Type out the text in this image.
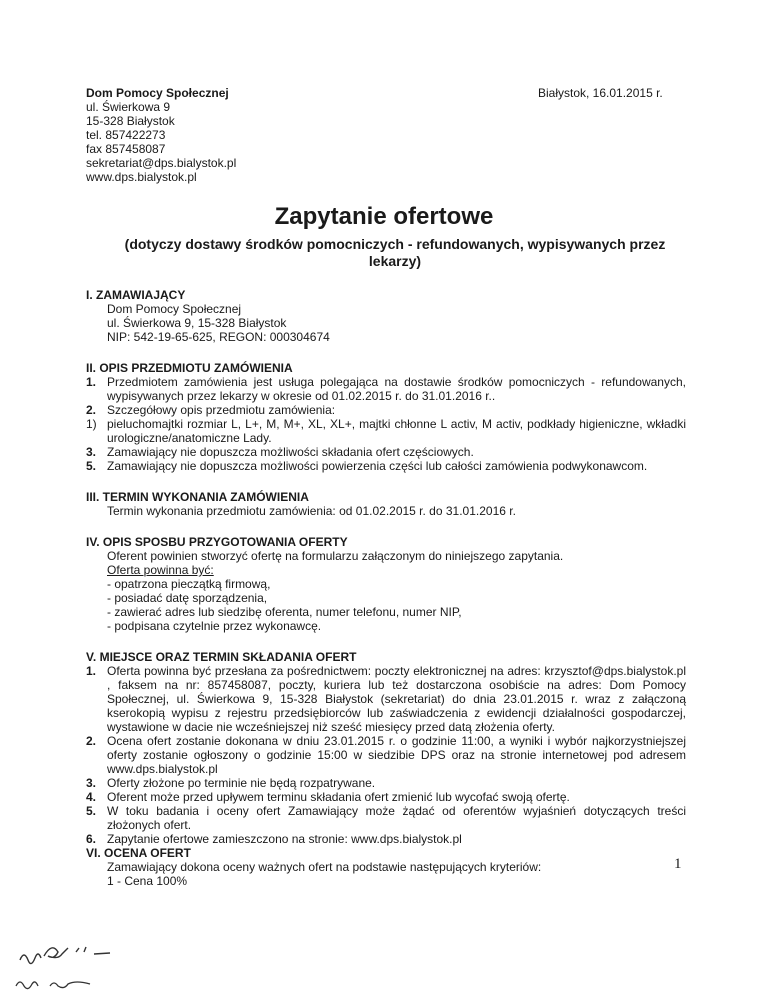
Dom Pomocy Społecznej
ul. Świerkowa 9
15-328 Białystok
tel. 857422273
fax 857458087
sekretariat@dps.bialystok.pl
www.dps.bialystok.pl
Białystok, 16.01.2015 r.
Zapytanie ofertowe
(dotyczy dostawy środków pomocniczych - refundowanych, wypisywanych przez lekarzy)
I. ZAMAWIAJĄCY
Dom Pomocy Społecznej
ul. Świerkowa 9, 15-328 Białystok
NIP: 542-19-65-625, REGON: 000304674
II. OPIS PRZEDMIOTU ZAMÓWIENIA
1. Przedmiotem zamówienia jest usługa polegająca na dostawie środków pomocniczych - refundowanych, wypisywanych przez lekarzy w okresie od 01.02.2015 r. do 31.01.2016 r..
2. Szczegółowy opis przedmiotu zamówienia:
1) pieluchomajtki rozmiar L, L+, M, M+, XL, XL+, majtki chłonne L activ, M activ, podkłady higieniczne, wkładki urologiczne/anatomiczne Lady.
3. Zamawiający nie dopuszcza możliwości składania ofert częściowych.
5. Zamawiający nie dopuszcza możliwości powierzenia części lub całości zamówienia podwykonawcom.
III. TERMIN WYKONANIA ZAMÓWIENIA
Termin wykonania przedmiotu zamówienia: od 01.02.2015 r. do 31.01.2016 r.
IV. OPIS SPOSBU PRZYGOTOWANIA OFERTY
Oferent powinien stworzyć ofertę na formularzu załączonym do niniejszego zapytania.
Oferta powinna być:
- opatrzona pieczątką firmową,
- posiadać datę sporządzenia,
- zawierać adres lub siedzibę oferenta, numer telefonu, numer NIP,
- podpisana czytelnie przez wykonawcę.
V. MIEJSCE ORAZ TERMIN SKŁADANIA OFERT
1. Oferta powinna być przesłana za pośrednictwem: poczty elektronicznej na adres: krzysztof@dps.bialystok.pl , faksem na nr: 857458087, poczty, kuriera lub też dostarczona osobiście na adres: Dom Pomocy Społecznej, ul. Świerkowa 9, 15-328 Białystok (sekretariat) do dnia 23.01.2015 r. wraz z załączoną kserokopią wypisu z rejestru przedsiębiorców lub zaświadczenia z ewidencji działalności gospodarczej, wystawione w dacie nie wcześniejszej niż sześć miesięcy przed datą złożenia oferty.
2. Ocena ofert zostanie dokonana w dniu 23.01.2015 r. o godzinie 11:00, a wyniki i wybór najkorzystniejszej oferty zostanie ogłoszony o godzinie 15:00 w siedzibie DPS oraz na stronie internetowej pod adresem www.dps.bialystok.pl
3. Oferty złożone po terminie nie będą rozpatrywane.
4. Oferent może przed upływem terminu składania ofert zmienić lub wycofać swoją ofertę.
5. W toku badania i oceny ofert Zamawiający może żądać od oferentów wyjaśnień dotyczących treści złożonych ofert.
6. Zapytanie ofertowe zamieszczono na stronie: www.dps.bialystok.pl
VI. OCENA OFERT
Zamawiający dokona oceny ważnych ofert na podstawie następujących kryteriów:
1 - Cena 100%
1
